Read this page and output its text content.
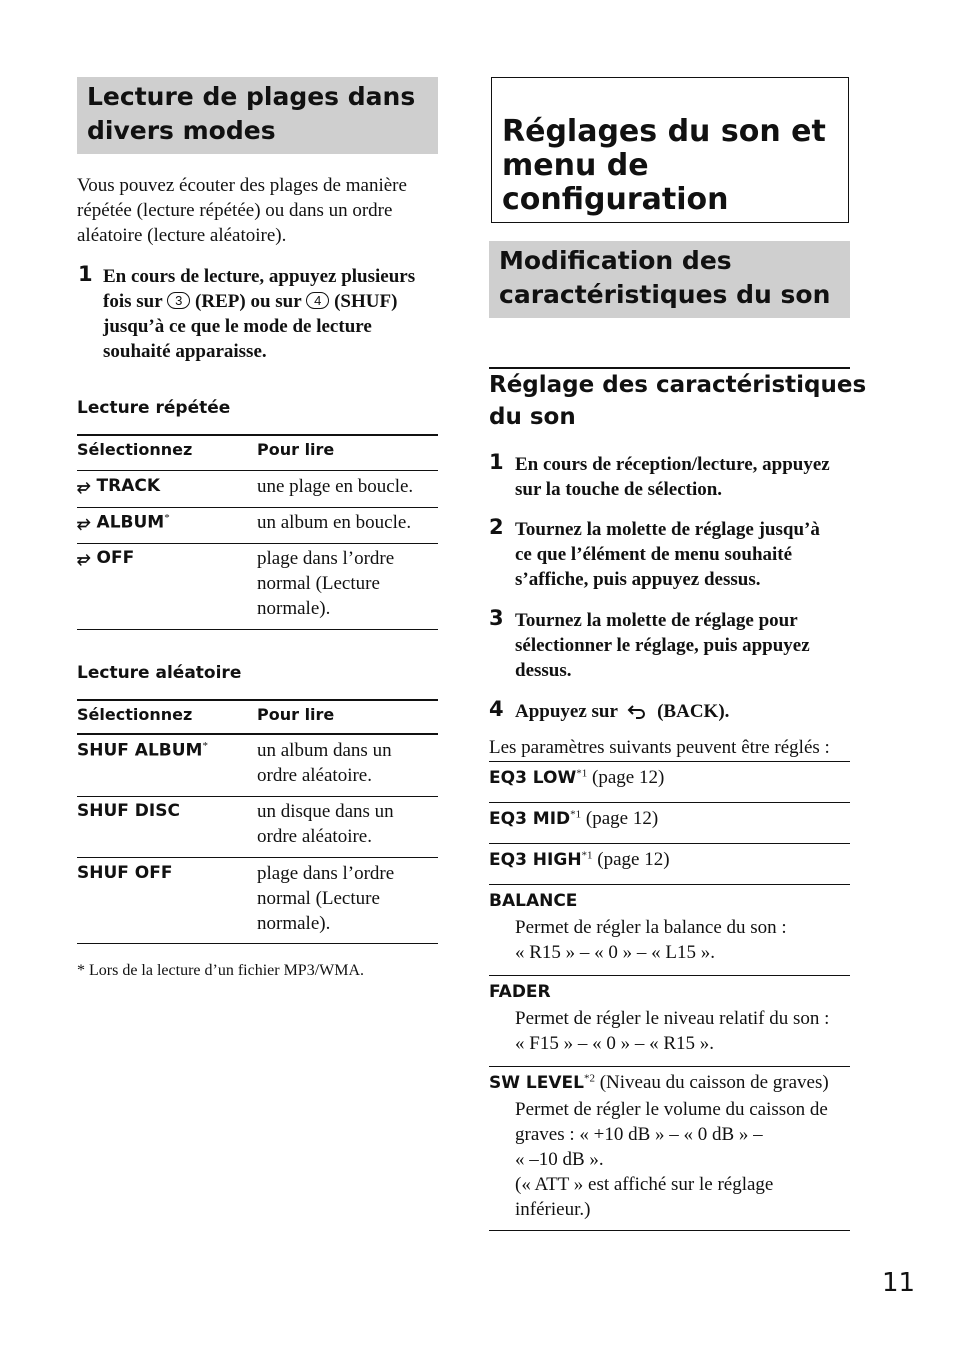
Lecture de plages dans
divers modes
Vous pouvez écouter des plages de manière
répétée (lecture répétée) ou dans un ordre
aléatoire (lecture aléatoire).
1 En cours de lecture, appuyez plusieurs
fois sur 3 (REP) ou sur 4 (SHUF)
jusqu’à ce que le mode de lecture
souhaité apparaisse.
Lecture répétée
Sélectionnez	Pour lire
⥂ TRACK	une plage en boucle.
⥂ ALBUM*	un album en boucle.
⥂ OFF	plage dans l’ordre
normal (Lecture
normale).
Lecture aléatoire
Sélectionnez	Pour lire
SHUF ALBUM*	un album dans un
ordre aléatoire.
SHUF DISC	un disque dans un
ordre aléatoire.
SHUF OFF	plage dans l’ordre
normal (Lecture
normale).
* Lors de la lecture d’un fichier MP3/WMA.
Réglages du son et
menu de
configuration
Modification des
caractéristiques du son
Réglage des caractéristiques
du son
1 En cours de réception/lecture, appuyez
sur la touche de sélection.
2 Tournez la molette de réglage jusqu’à
ce que l’élément de menu souhaité
s’affiche, puis appuyez dessus.
3 Tournez la molette de réglage pour
sélectionner le réglage, puis appuyez
dessus.
4 Appuyez sur (BACK).
Les paramètres suivants peuvent être réglés :
EQ3 LOW$^{*1}$ (page 12)
EQ3 MID$^{*1}$ (page 12)
EQ3 HIGH$^{*1}$ (page 12)
BALANCE
Permet de régler la balance du son :
« R15 » – « 0 » – « L15 ».
FADER
Permet de régler le niveau relatif du son :
« F15 » – « 0 » – « R15 ».
SW LEVEL$^{*2}$ (Niveau du caisson de graves)
Permet de régler le volume du caisson de
graves : « +10 dB » – « 0 dB » –
« –10 dB ».
(« ATT » est affiché sur le réglage
inférieur.)
11
